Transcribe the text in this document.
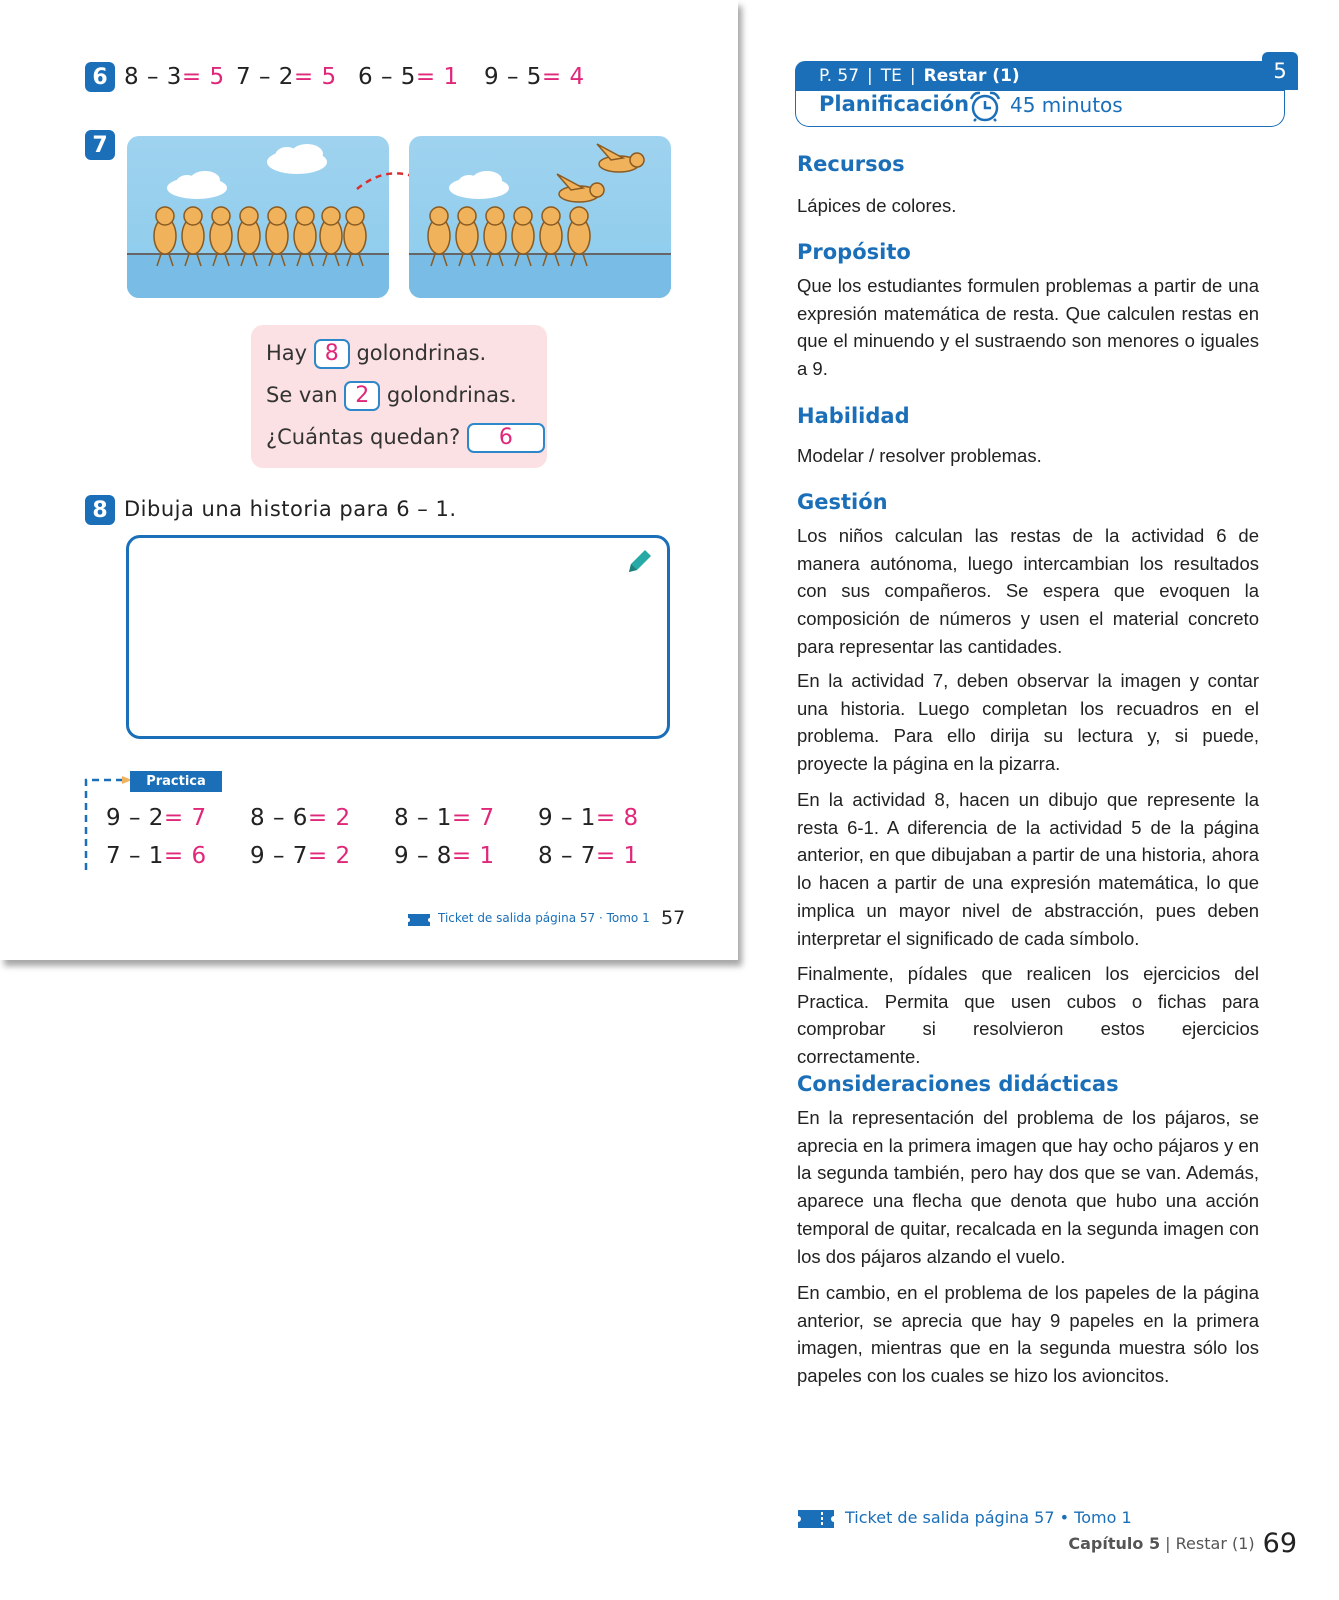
6 8 – 3= 5 7 – 2= 5 6 – 5= 1 9 – 5= 4
7
Hay 8 golondrinas.
Se van 2 golondrinas.
¿Cuántas quedan? 6
8 Dibuja una historia para 6 – 1.
Practica
9 – 2= 7 8 – 6= 2 8 – 1= 7 9 – 1= 8
7 – 1= 6 9 – 7= 2 9 – 8= 1 8 – 7= 1
Ticket de salida página 57 · Tomo 1 57
P. 57 | TE | Restar (1)	5
Planificación 45 minutos
Recursos
Lápices de colores.
Propósito
Que los estudiantes formulen problemas a partir de una expresión matemática de resta. Que calculen restas en que el minuendo y el sustraendo son menores o iguales a 9.
Habilidad
Modelar / resolver problemas.
Gestión
Los niños calculan las restas de la actividad 6 de manera autónoma, luego intercambian los resultados con sus compañeros. Se espera que evoquen la composición de números y usen el material concreto para representar las cantidades.
En la actividad 7, deben observar la imagen y contar una historia. Luego completan los recuadros en el problema. Para ello dirija su lectura y, si puede, proyecte la página en la pizarra.
En la actividad 8, hacen un dibujo que represente la resta 6-1. A diferencia de la actividad 5 de la página anterior, en que dibujaban a partir de una historia, ahora lo hacen a partir de una expresión matemática, lo que implica un mayor nivel de abstracción, pues deben interpretar el significado de cada símbolo.
Finalmente, pídales que realicen los ejercicios del Practica. Permita que usen cubos o fichas para comprobar si resolvieron estos ejercicios correctamente.
Consideraciones didácticas
En la representación del problema de los pájaros, se aprecia en la primera imagen que hay ocho pájaros y en la segunda también, pero hay dos que se van. Además, aparece una flecha que denota que hubo una acción temporal de quitar, recalcada en la segunda imagen con los dos pájaros alzando el vuelo.
En cambio, en el problema de los papeles de la página anterior, se aprecia que hay 9 papeles en la primera imagen, mientras que en la segunda muestra sólo los papeles con los cuales se hizo los avioncitos.
Ticket de salida página 57 • Tomo 1
Capítulo 5 | Restar (1) 69
